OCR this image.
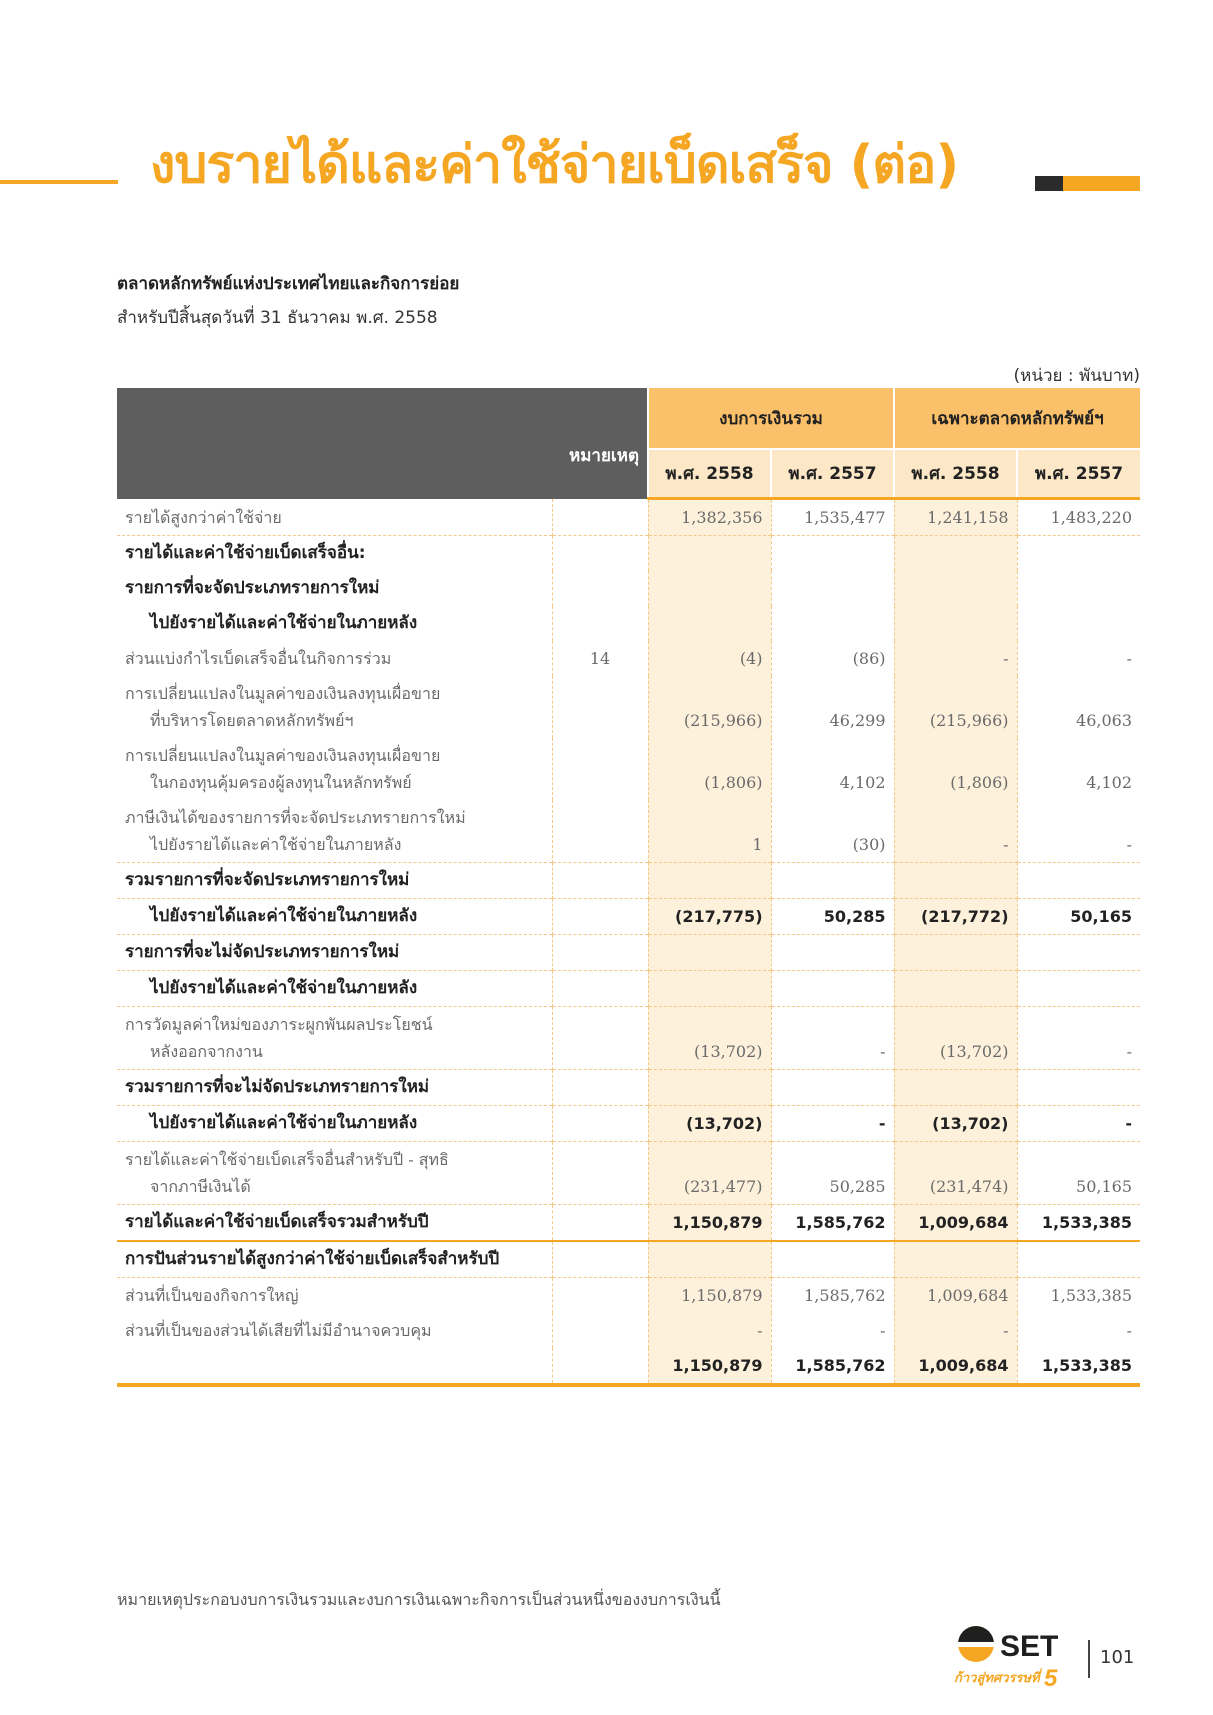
งบรายได้และค่าใช้จ่ายเบ็ดเสร็จ (ต่อ)
ตลาดหลักทรัพย์แห่งประเทศไทยและกิจการย่อย
สำหรับปีสิ้นสุดวันที่ 31 ธันวาคม พ.ศ. 2558
(หน่วย : พันบาท)
	หมายเหตุ	งบการเงินรวม		เฉพาะตลาดหลักทรัพย์ฯ	
		พ.ศ. 2558	พ.ศ. 2557	พ.ศ. 2558	พ.ศ. 2557

รายได้สูงกว่าค่าใช้จ่าย		1,382,356	1,535,477	1,241,158	1,483,220

รายได้และค่าใช้จ่ายเบ็ดเสร็จอื่น:					

รายการที่จะจัดประเภทรายการใหม่					

ไปยังรายได้และค่าใช้จ่ายในภายหลัง					

ส่วนแบ่งกำไรเบ็ดเสร็จอื่นในกิจการร่วม	14	(4)	(86)	-	-

การเปลี่ยนแปลงในมูลค่าของเงินลงทุนเผื่อขาย
ที่บริหารโดยตลาดหลักทรัพย์ฯ		(215,966)	46,299	(215,966)	46,063

การเปลี่ยนแปลงในมูลค่าของเงินลงทุนเผื่อขาย
ในกองทุนคุ้มครองผู้ลงทุนในหลักทรัพย์		(1,806)	4,102	(1,806)	4,102

ภาษีเงินได้ของรายการที่จะจัดประเภทรายการใหม่
ไปยังรายได้และค่าใช้จ่ายในภายหลัง		1	(30)	-	-

รวมรายการที่จะจัดประเภทรายการใหม่					

ไปยังรายได้และค่าใช้จ่ายในภายหลัง		(217,775)	50,285	(217,772)	50,165

รายการที่จะไม่จัดประเภทรายการใหม่					

ไปยังรายได้และค่าใช้จ่ายในภายหลัง					

การวัดมูลค่าใหม่ของภาระผูกพันผลประโยชน์
หลังออกจากงาน		(13,702)	-	(13,702)	-

รวมรายการที่จะไม่จัดประเภทรายการใหม่					

ไปยังรายได้และค่าใช้จ่ายในภายหลัง		(13,702)	-	(13,702)	-

รายได้และค่าใช้จ่ายเบ็ดเสร็จอื่นสำหรับปี - สุทธิ
จากภาษีเงินได้		(231,477)	50,285	(231,474)	50,165

รายได้และค่าใช้จ่ายเบ็ดเสร็จรวมสำหรับปี		1,150,879	1,585,762	1,009,684	1,533,385

การปันส่วนรายได้สูงกว่าค่าใช้จ่ายเบ็ดเสร็จสำหรับปี					

ส่วนที่เป็นของกิจการใหญ่		1,150,879	1,585,762	1,009,684	1,533,385

ส่วนที่เป็นของส่วนได้เสียที่ไม่มีอำนาจควบคุม		-	-	-	-

		1,150,879	1,585,762	1,009,684	1,533,385
หมายเหตุประกอบงบการเงินรวมและงบการเงินเฉพาะกิจการเป็นส่วนหนึ่งของงบการเงินนี้
SET
ก้าวสู่ทศวรรษที่ 5
101
